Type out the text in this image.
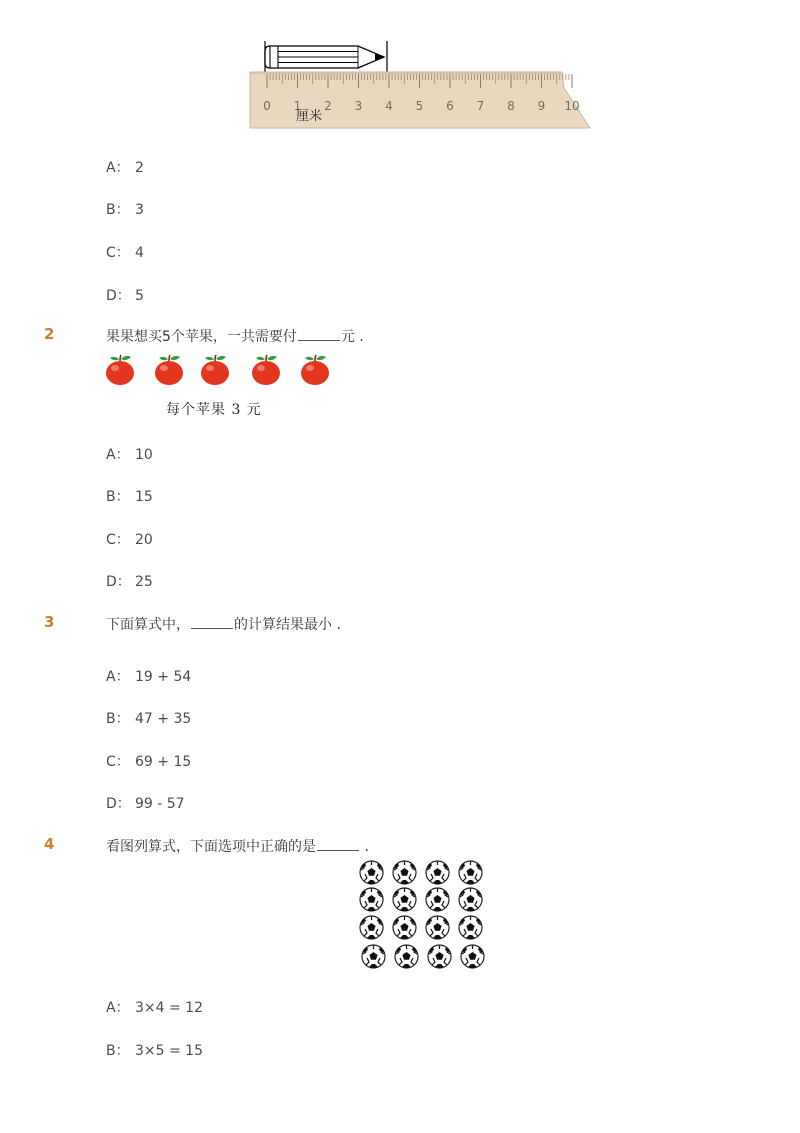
0 1 2 3 4 5 6 7 8 9 10
厘米
A： 2
B： 3
C： 4
D： 5
2	果果想买5个苹果，一共需要付	元 .
每个苹果 3 元
A： 10
B： 15
C： 20
D： 25
3	下面算式中，	的计算结果最小 .
A： 19 + 54
B： 47 + 35
C： 69 + 15
D： 99 - 57
4	看图列算式，下面选项中正确的是	.
A： 3×4 = 12
B： 3×5 = 15
